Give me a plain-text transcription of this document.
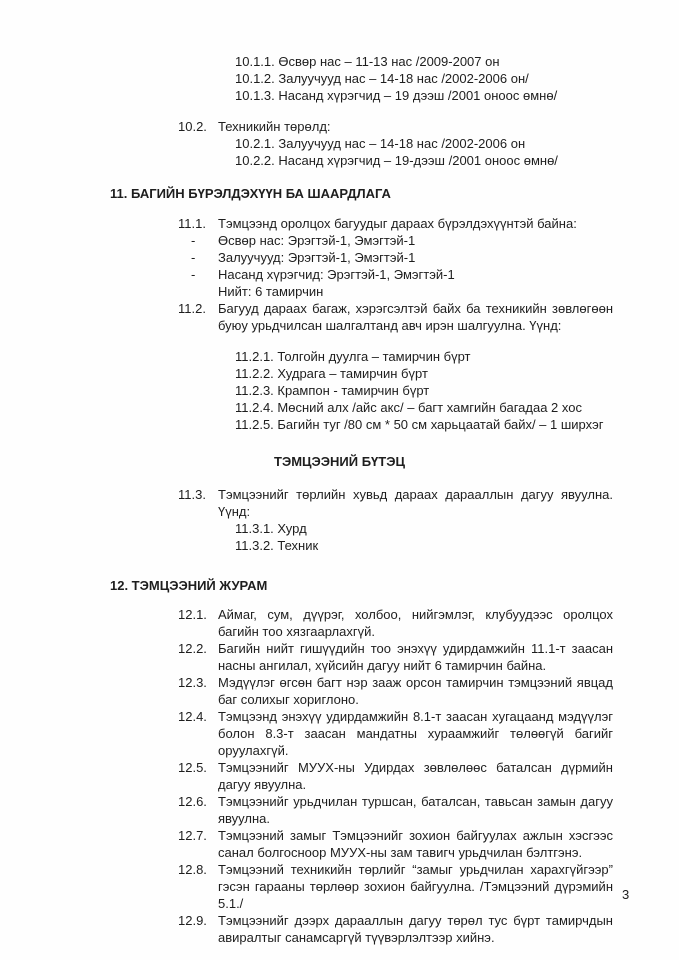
10.1.1. Өсвөр нас – 11-13 нас /2009-2007 он
10.1.2. Залуучууд нас – 14-18 нас /2002-2006 он/
10.1.3. Насанд хүрэгчид – 19 дээш /2001 оноос өмнө/
10.2. Техникийн төрөлд:
10.2.1. Залуучууд нас – 14-18 нас /2002-2006 он
10.2.2. Насанд хүрэгчид – 19-дээш /2001 оноос өмнө/
11. БАГИЙН БҮРЭЛДЭХҮҮН БА ШААРДЛАГА
11.1. Тэмцээнд оролцох багуудыг дараах бүрэлдэхүүнтэй байна:
-	Өсвөр нас: Эрэгтэй-1, Эмэгтэй-1
-	Залуучууд: Эрэгтэй-1, Эмэгтэй-1
-	Насанд хүрэгчид: Эрэгтэй-1, Эмэгтэй-1
Нийт: 6 тамирчин
11.2. Багууд дараах багаж, хэрэгсэлтэй байх ба техникийн зөвлөгөөн буюу урьдчилсан шалгалтанд авч ирэн шалгуулна. Үүнд:
11.2.1. Толгойн дуулга – тамирчин бүрт
11.2.2. Худрага – тамирчин бүрт
11.2.3. Крампон - тамирчин бүрт
11.2.4. Мөсний алх /айс акс/ – багт хамгийн багадаа 2 хос
11.2.5. Багийн туг /80 см * 50 см харьцаатай байх/ – 1 ширхэг
ТЭМЦЭЭНИЙ БҮТЭЦ
11.3. Тэмцээнийг төрлийн хувьд дараах дарааллын дагуу явуулна. Үүнд:
11.3.1. Хурд
11.3.2. Техник
12. ТЭМЦЭЭНИЙ ЖУРАМ
12.1. Аймаг, сум, дүүрэг, холбоо, нийгэмлэг, клубуудээс оролцох багийн тоо хязгаарлахгүй.
12.2. Багийн нийт гишүүдийн тоо энэхүү удирдамжийн 11.1-т заасан насны ангилал, хүйсийн дагуу нийт 6 тамирчин байна.
12.3. Мэдүүлэг өгсөн багт нэр зааж орсон тамирчин тэмцээний явцад баг солихыг хориглоно.
12.4. Тэмцээнд энэхүү удирдамжийн 8.1-т заасан хугацаанд мэдүүлэг болон 8.3-т заасан мандатны хураамжийг төлөөгүй багийг оруулахгүй.
12.5. Тэмцээнийг МУУХ-ны Удирдах зөвлөлөөс баталсан дүрмийн дагуу явуулна.
12.6. Тэмцээнийг урьдчилан туршсан, баталсан, тавьсан замын дагуу явуулна.
12.7. Тэмцээний замыг Тэмцээнийг зохион байгуулах ажлын хэсгээс санал болгосноор МУУХ-ны зам тавигч урьдчилан бэлтгэнэ.
12.8. Тэмцээний техникийн төрлийг “замыг урьдчилан харахгүйгээр” гэсэн гарааны төрлөөр зохион байгуулна. /Тэмцээний дүрэмийн 5.1./
12.9. Тэмцээнийг дээрх дарааллын дагуу төрөл тус бүрт тамирчдын авиралтыг санамсаргүй түүвэрлэлтээр хийнэ.
3
